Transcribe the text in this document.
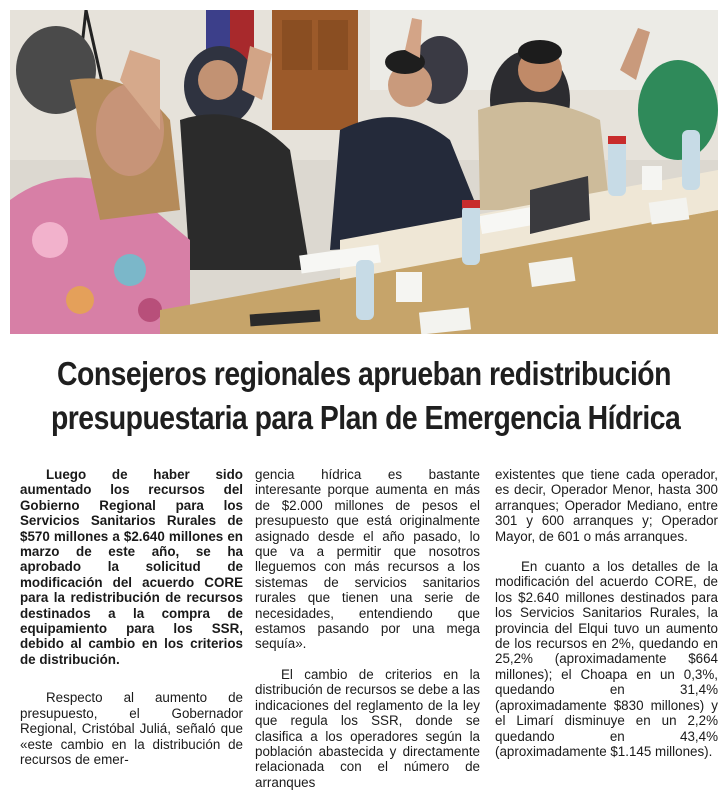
Consejeros regionales aprueban redistribución
presupuestaria para Plan de Emergencia Hídrica

Luego de haber sido aumentado los recursos del Gobierno Regional para los Servicios Sanitarios Rurales de $570 millones a $2.640 millones en marzo de este año, se ha aprobado la solicitud de modificación del acuerdo CORE para la redistribución de recursos destinados a la compra de equipamiento para los SSR, debido al cambio en los criterios de distribución.

Respecto al aumento de presupuesto, el Gobernador Regional, Cristóbal Juliá, señaló que «este cambio en la distribución de recursos de emer-

gencia hídrica es bastante interesante porque aumenta en más de $2.000 millones de pesos el presupuesto que está originalmente asignado desde el año pasado, lo que va a permitir que nosotros lleguemos con más recursos a los sistemas de servicios sanitarios rurales que tienen una serie de necesidades, entendiendo que estamos pasando por una mega sequía».

El cambio de criterios en la distribución de recursos se debe a las indicaciones del reglamento de la ley que regula los SSR, donde se clasifica a los operadores según la población abastecida y directamente relacionada con el número de arranques

existentes que tiene cada operador, es decir, Operador Menor, hasta 300 arranques; Operador Mediano, entre 301 y 600 arranques y; Operador Mayor, de 601 o más arranques.

En cuanto a los detalles de la modificación del acuerdo CORE, de los $2.640 millones destinados para los Servicios Sanitarios Rurales, la provincia del Elqui tuvo un aumento de los recursos en 2%, quedando en 25,2% (aproximadamente $664 millones); el Choapa en un 0,3%, quedando en 31,4% (aproximadamente $830 millones) y el Limarí disminuye en un 2,2% quedando en 43,4% (aproximadamente $1.145 millones).
